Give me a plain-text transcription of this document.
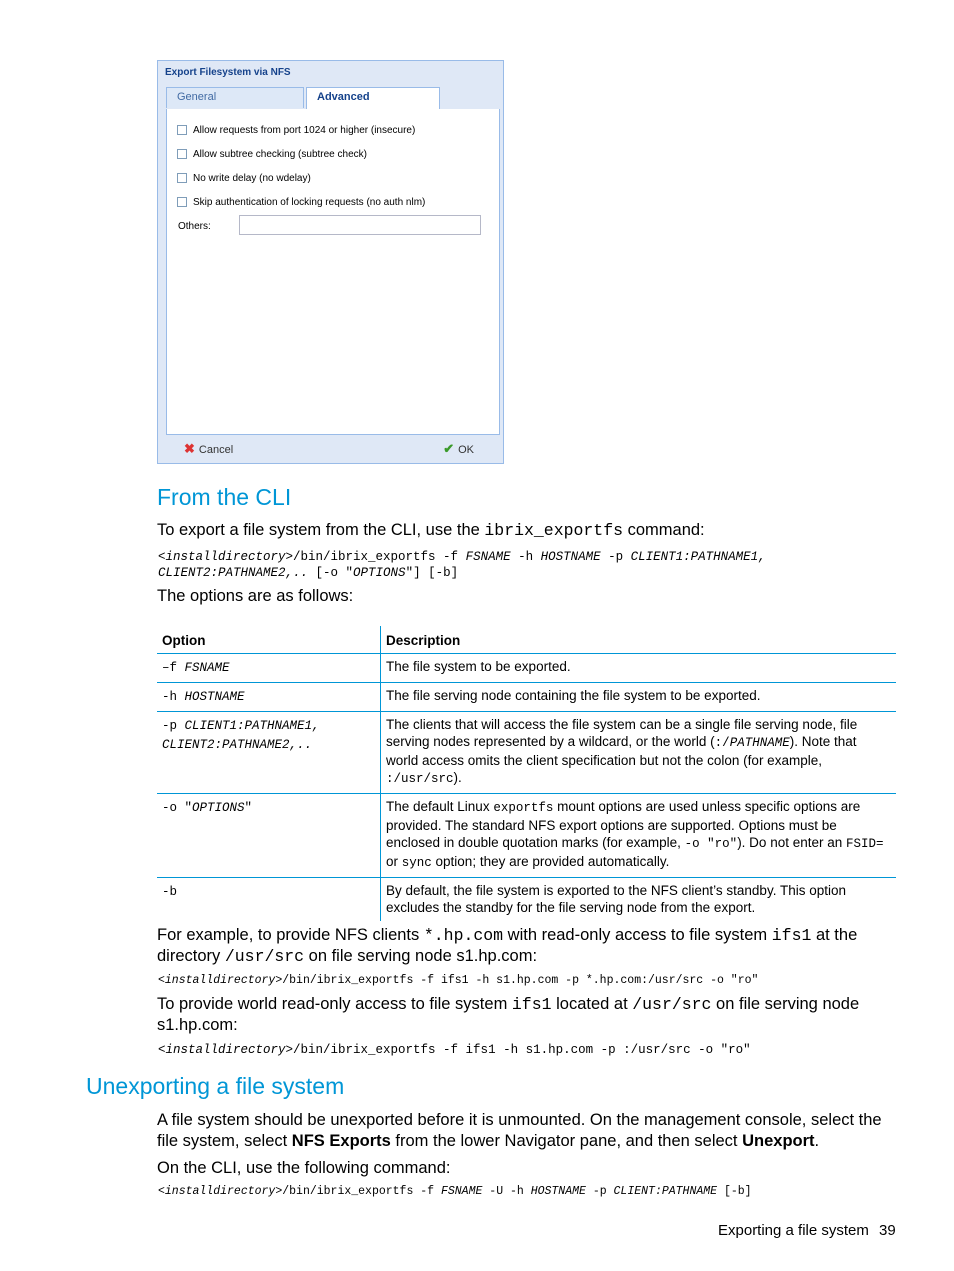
Export Filesystem via NFS
General	Advanced
Allow requests from port 1024 or higher (insecure)
Allow subtree checking (subtree check)
No write delay (no wdelay)
Skip authentication of locking requests (no auth nlm)
Others:
✖ Cancel	✔ OK
From the CLI

To export a file system from the CLI, use the ibrix_exportfs command:

<installdirectory>/bin/ibrix_exportfs -f FSNAME -h HOSTNAME -p CLIENT1:PATHNAME1,
CLIENT2:PATHNAME2,.. [-o "OPTIONS"] [-b]

The options are as follows:

Option	Description
–f FSNAME	The file system to be exported.
-h HOSTNAME	The file serving node containing the file system to be exported.
-p CLIENT1:PATHNAME1,
CLIENT2:PATHNAME2,..	The clients that will access the file system can be a single file serving node, file serving nodes represented by a wildcard, or the world (:/PATHNAME). Note that world access omits the client specification but not the colon (for example, :/usr/src).
-o "OPTIONS"	The default Linux exportfs mount options are used unless specific options are provided. The standard NFS export options are supported. Options must be enclosed in double quotation marks (for example, -o "ro"). Do not enter an FSID= or sync option; they are provided automatically.
-b	By default, the file system is exported to the NFS client’s standby. This option excludes the standby for the file serving node from the export.

For example, to provide NFS clients *.hp.com with read-only access to file system ifs1 at the directory /usr/src on file serving node s1.hp.com:

<installdirectory>/bin/ibrix_exportfs -f ifs1 -h s1.hp.com -p *.hp.com:/usr/src -o "ro"

To provide world read-only access to file system ifs1 located at /usr/src on file serving node s1.hp.com:

<installdirectory>/bin/ibrix_exportfs -f ifs1 -h s1.hp.com -p :/usr/src -o "ro"
Unexporting a file system

A file system should be unexported before it is unmounted. On the management console, select the file system, select NFS Exports from the lower Navigator pane, and then select Unexport.

On the CLI, use the following command:

<installdirectory>/bin/ibrix_exportfs -f FSNAME -U -h HOSTNAME -p CLIENT:PATHNAME [-b]
Exporting a file system 39
